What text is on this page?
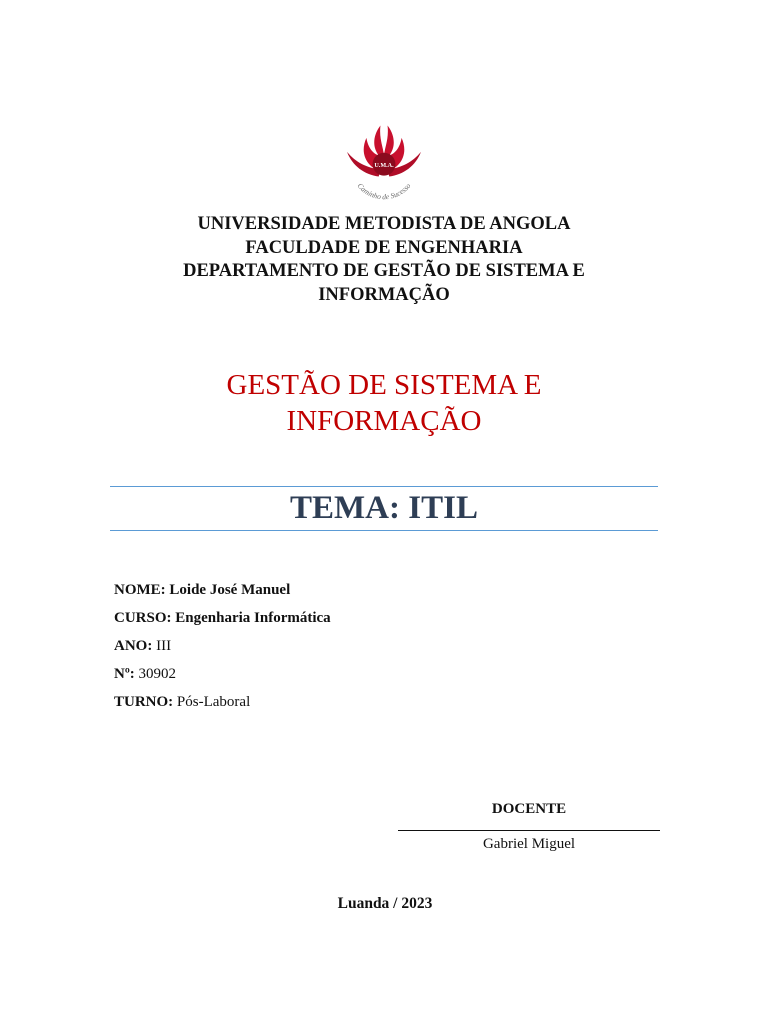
U.M.A.
Caminho de Sucesso
UNIVERSIDADE METODISTA DE ANGOLA
FACULDADE DE ENGENHARIA
DEPARTAMENTO DE GESTÃO DE SISTEMA E
INFORMAÇÃO
GESTÃO DE SISTEMA E
INFORMAÇÃO
TEMA: ITIL
NOME: Loide José Manuel
CURSO: Engenharia Informática
ANO: III
Nº: 30902
TURNO: Pós-Laboral
DOCENTE
Gabriel Miguel
Luanda / 2023
